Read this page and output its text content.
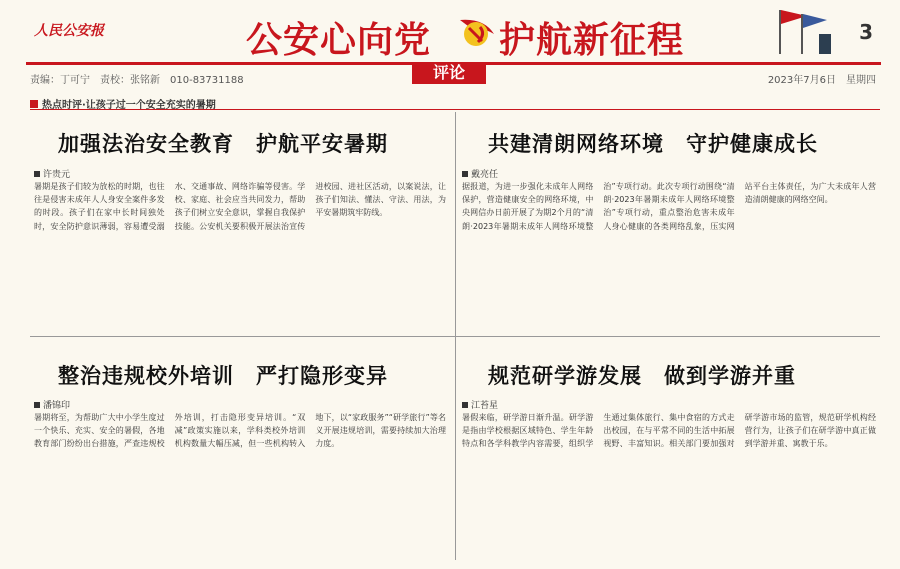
人民公安报	公安心向党 护航新征程	3
评论
责编：丁可宁　责校：张铭新　010-83731188	2023年7月6日　星期四
热点时评·让孩子过一个安全充实的暑期
加强法治安全教育　护航平安暑期
许贵元
暑期是孩子们较为放松的时期，也往往是侵害未成年人人身安全案件多发的时段。孩子们在家中长时间独处时，安全防护意识薄弱，容易遭受溺水、交通事故、网络诈骗等侵害。学校、家庭、社会应当共同发力，帮助孩子们树立安全意识，掌握自我保护技能。公安机关要积极开展法治宣传进校园、进社区活动，以案说法，让孩子们知法、懂法、守法、用法，为平安暑期筑牢防线。
共建清朗网络环境　守护健康成长
戴亮任
据报道，为进一步强化未成年人网络保护，营造健康安全的网络环境，中央网信办日前开展了为期2个月的“清朗·2023年暑期未成年人网络环境整治”专项行动。此次专项行动围绕“清朗·2023年暑期未成年人网络环境整治”专项行动，重点整治危害未成年人身心健康的各类网络乱象，压实网站平台主体责任，为广大未成年人营造清朗健康的网络空间。
整治违规校外培训　严打隐形变异
潘锦印
暑期将至，为帮助广大中小学生度过一个快乐、充实、安全的暑假，各地教育部门纷纷出台措施，严查违规校外培训，打击隐形变异培训。“双减”政策实施以来，学科类校外培训机构数量大幅压减，但一些机构转入地下，以“家政服务”“研学旅行”等名义开展违规培训，需要持续加大治理力度。
规范研学游发展　做到学游并重
江苔星
暑假来临，研学游日渐升温。研学游是指由学校根据区域特色、学生年龄特点和各学科教学内容需要，组织学生通过集体旅行、集中食宿的方式走出校园，在与平常不同的生活中拓展视野、丰富知识。相关部门要加强对研学游市场的监管，规范研学机构经营行为，让孩子们在研学游中真正做到学游并重、寓教于乐。
